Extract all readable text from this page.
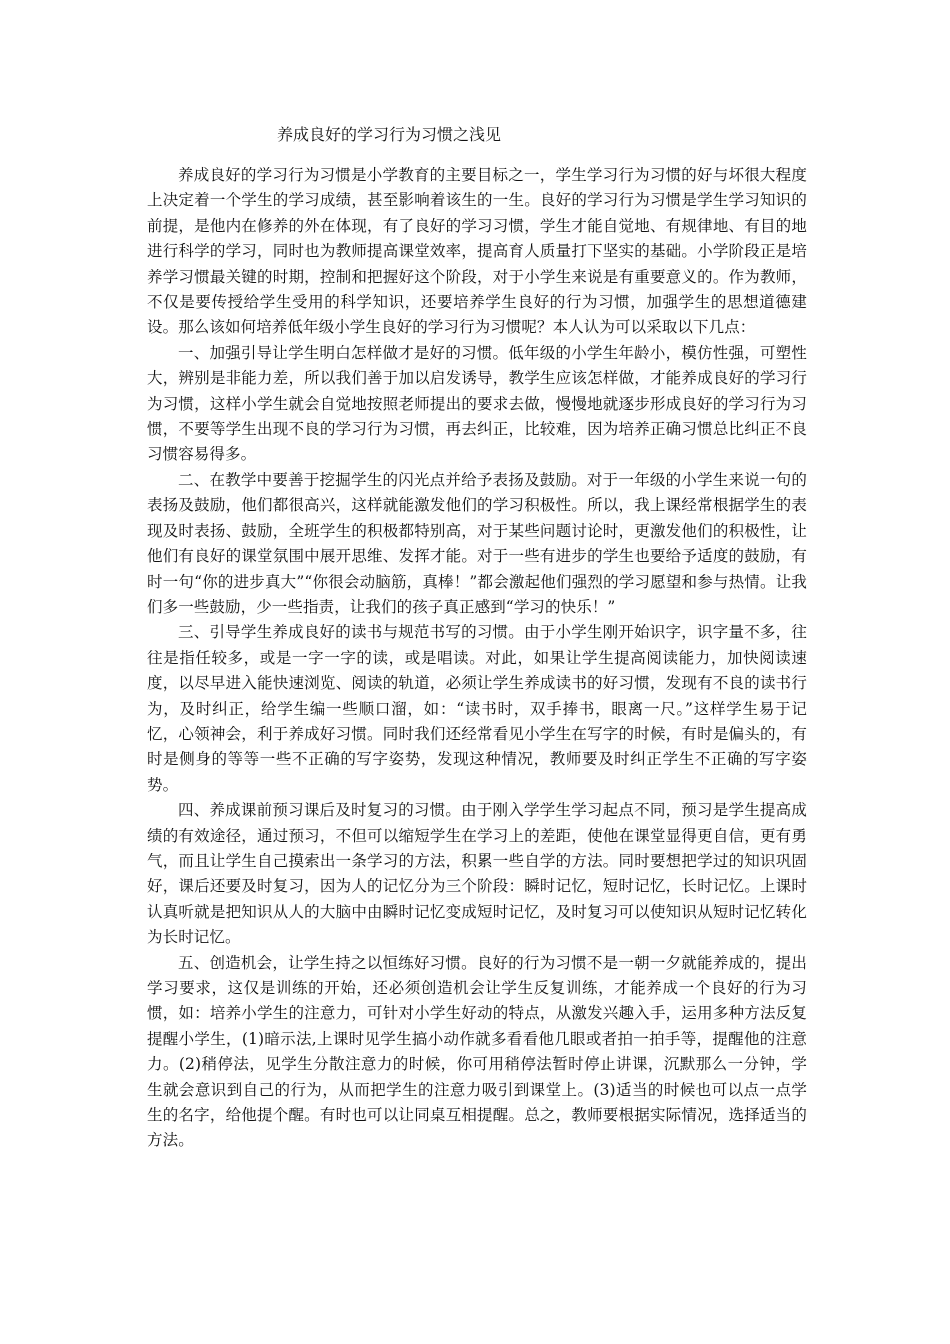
养成良好的学习行为习惯之浅见

养成良好的学习行为习惯是小学教育的主要目标之一，学生学习行为习惯的好与坏很大程度上决定着一个学生的学习成绩，甚至影响着该生的一生。良好的学习行为习惯是学生学习知识的前提，是他内在修养的外在体现，有了良好的学习习惯，学生才能自觉地、有规律地、有目的地进行科学的学习，同时也为教师提高课堂效率，提高育人质量打下坚实的基础。小学阶段正是培养学习惯最关键的时期，控制和把握好这个阶段，对于小学生来说是有重要意义的。作为教师，不仅是要传授给学生受用的科学知识，还要培养学生良好的行为习惯，加强学生的思想道德建设。那么该如何培养低年级小学生良好的学习行为习惯呢？本人认为可以采取以下几点：

一、加强引导让学生明白怎样做才是好的习惯。低年级的小学生年龄小，模仿性强，可塑性大，辨别是非能力差，所以我们善于加以启发诱导，教学生应该怎样做，才能养成良好的学习行为习惯，这样小学生就会自觉地按照老师提出的要求去做，慢慢地就逐步形成良好的学习行为习惯，不要等学生出现不良的学习行为习惯，再去纠正，比较难，因为培养正确习惯总比纠正不良习惯容易得多。

二、在教学中要善于挖掘学生的闪光点并给予表扬及鼓励。对于一年级的小学生来说一句的表扬及鼓励，他们都很高兴，这样就能激发他们的学习积极性。所以，我上课经常根据学生的表现及时表扬、鼓励，全班学生的积极都特别高，对于某些问题讨论时，更激发他们的积极性，让他们有良好的课堂氛围中展开思维、发挥才能。对于一些有进步的学生也要给予适度的鼓励，有时一句“你的进步真大”“你很会动脑筋，真棒！”都会激起他们强烈的学习愿望和参与热情。让我们多一些鼓励，少一些指责，让我们的孩子真正感到“学习的快乐！”

三、引导学生养成良好的读书与规范书写的习惯。由于小学生刚开始识字，识字量不多，往往是指任较多，或是一字一字的读，或是唱读。对此，如果让学生提高阅读能力，加快阅读速度，以尽早进入能快速浏览、阅读的轨道，必须让学生养成读书的好习惯，发现有不良的读书行为，及时纠正，给学生编一些顺口溜，如：“读书时，双手捧书，眼离一尺。”这样学生易于记忆，心领神会，利于养成好习惯。同时我们还经常看见小学生在写字的时候，有时是偏头的，有时是侧身的等等一些不正确的写字姿势，发现这种情况，教师要及时纠正学生不正确的写字姿势。

四、养成课前预习课后及时复习的习惯。由于刚入学学生学习起点不同，预习是学生提高成绩的有效途径，通过预习，不但可以缩短学生在学习上的差距，使他在课堂显得更自信，更有勇气，而且让学生自己摸索出一条学习的方法，积累一些自学的方法。同时要想把学过的知识巩固好，课后还要及时复习，因为人的记忆分为三个阶段：瞬时记忆，短时记忆，长时记忆。上课时认真听就是把知识从人的大脑中由瞬时记忆变成短时记忆，及时复习可以使知识从短时记忆转化为长时记忆。

五、创造机会，让学生持之以恒练好习惯。良好的行为习惯不是一朝一夕就能养成的，提出学习要求，这仅是训练的开始，还必须创造机会让学生反复训练，才能养成一个良好的行为习惯，如：培养小学生的注意力，可针对小学生好动的特点，从激发兴趣入手，运用多种方法反复提醒小学生，(1)暗示法,上课时见学生搞小动作就多看看他几眼或者拍一拍手等，提醒他的注意力。(2)稍停法，见学生分散注意力的时候，你可用稍停法暂时停止讲课，沉默那么一分钟，学生就会意识到自己的行为，从而把学生的注意力吸引到课堂上。(3)适当的时候也可以点一点学生的名字，给他提个醒。有时也可以让同桌互相提醒。总之，教师要根据实际情况，选择适当的方法。
